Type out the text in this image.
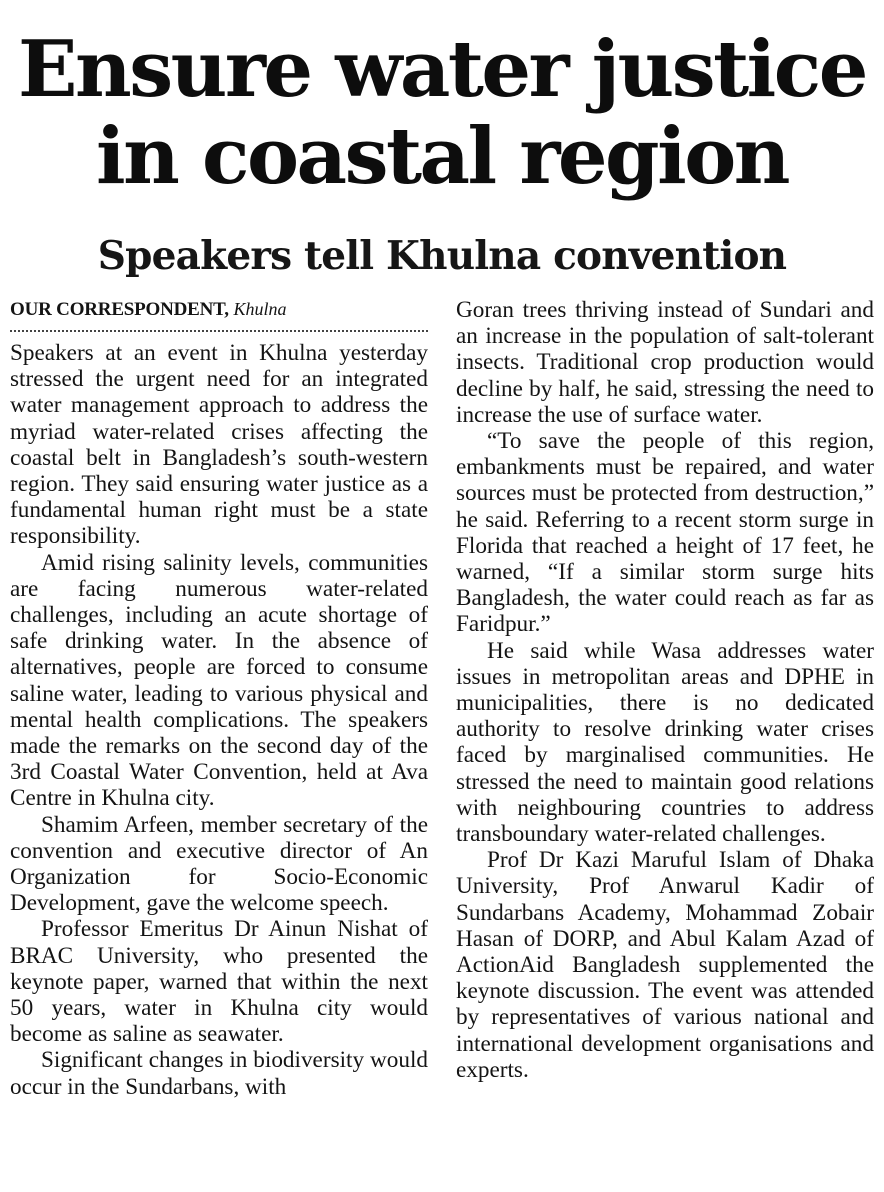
Ensure water justice
in coastal region
Speakers tell Khulna convention
OUR CORRESPONDENT, Khulna

Speakers at an event in Khulna yesterday stressed the urgent need for an integrated water management approach to address the myriad water-related crises affecting the coastal belt in Bangladesh’s south-western region. They said ensuring water justice as a fundamental human right must be a state responsibility.

Amid rising salinity levels, communities are facing numerous water-related challenges, including an acute shortage of safe drinking water. In the absence of alternatives, people are forced to consume saline water, leading to various physical and mental health complications. The speakers made the remarks on the second day of the 3rd Coastal Water Convention, held at Ava Centre in Khulna city.

Shamim Arfeen, member secretary of the convention and executive director of An Organization for Socio-Economic Development, gave the welcome speech.

Professor Emeritus Dr Ainun Nishat of BRAC University, who presented the keynote paper, warned that within the next 50 years, water in Khulna city would become as saline as seawater.

Significant changes in biodiversity would occur in the Sundarbans, with

Goran trees thriving instead of Sundari and an increase in the population of salt-tolerant insects. Traditional crop production would decline by half, he said, stressing the need to increase the use of surface water.

“To save the people of this region, embankments must be repaired, and water sources must be protected from destruction,” he said. Referring to a recent storm surge in Florida that reached a height of 17 feet, he warned, “If a similar storm surge hits Bangladesh, the water could reach as far as Faridpur.”

He said while Wasa addresses water issues in metropolitan areas and DPHE in municipalities, there is no dedicated authority to resolve drinking water crises faced by marginalised communities. He stressed the need to maintain good relations with neighbouring countries to address transboundary water-related challenges.

Prof Dr Kazi Maruful Islam of Dhaka University, Prof Anwarul Kadir of Sundarbans Academy, Mohammad Zobair Hasan of DORP, and Abul Kalam Azad of ActionAid Bangladesh supplemented the keynote discussion. The event was attended by representatives of various national and international development organisations and experts.
